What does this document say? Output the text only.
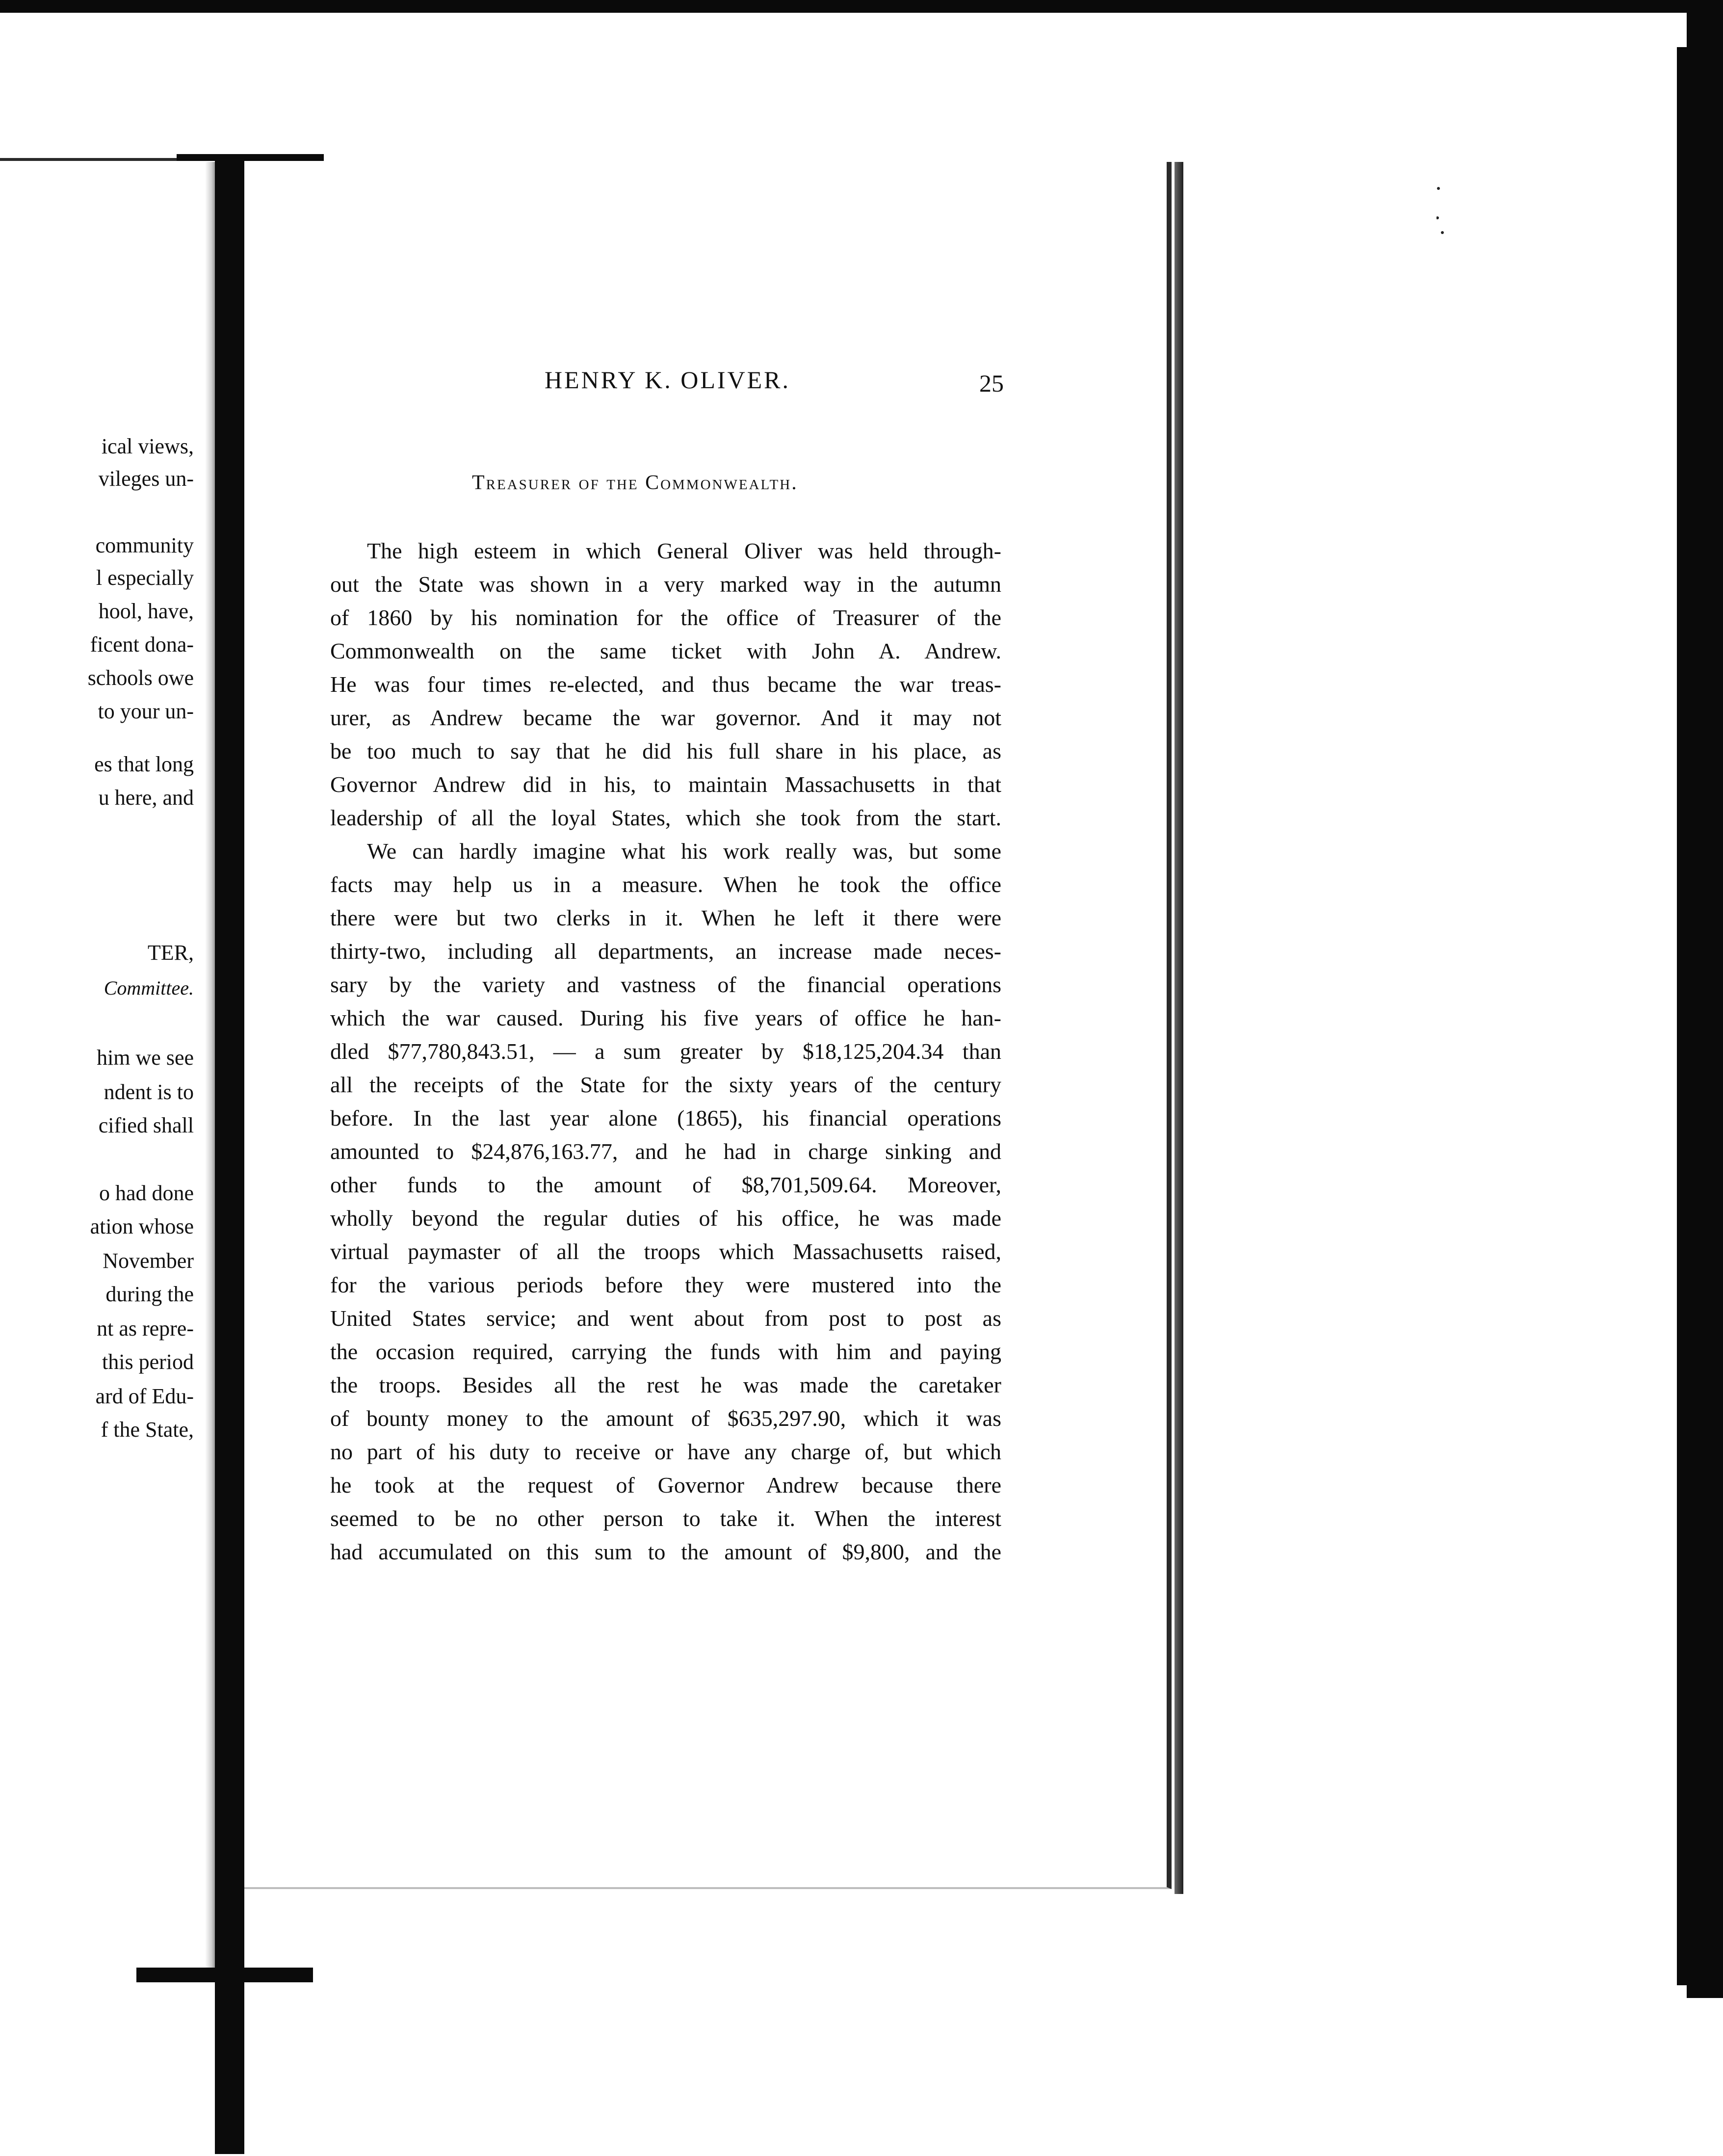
ical views,
vileges un-
community
l especially
hool, have,
ficent dona-
schools owe
to your un-
es that long
u here, and
TER,
Committee.
him we see
ndent is to
cified shall
o had done
ation whose
November
during the
nt as repre-
this period
ard of Edu-
f the State,
HENRY K. OLIVER.	25
Treasurer of the Commonwealth.
The high esteem in which General Oliver was held through-
out the State was shown in a very marked way in the autumn
of 1860 by his nomination for the office of Treasurer of the
Commonwealth on the same ticket with John A. Andrew.
He was four times re-elected, and thus became the war treas-
urer, as Andrew became the war governor. And it may not
be too much to say that he did his full share in his place, as
Governor Andrew did in his, to maintain Massachusetts in that
leadership of all the loyal States, which she took from the start.
We can hardly imagine what his work really was, but some
facts may help us in a measure. When he took the office
there were but two clerks in it. When he left it there were
thirty-two, including all departments, an increase made neces-
sary by the variety and vastness of the financial operations
which the war caused. During his five years of office he han-
dled $77,780,843.51, — a sum greater by $18,125,204.34 than
all the receipts of the State for the sixty years of the century
before. In the last year alone (1865), his financial operations
amounted to $24,876,163.77, and he had in charge sinking and
other funds to the amount of $8,701,509.64. Moreover,
wholly beyond the regular duties of his office, he was made
virtual paymaster of all the troops which Massachusetts raised,
for the various periods before they were mustered into the
United States service; and went about from post to post as
the occasion required, carrying the funds with him and paying
the troops. Besides all the rest he was made the caretaker
of bounty money to the amount of $635,297.90, which it was
no part of his duty to receive or have any charge of, but which
he took at the request of Governor Andrew because there
seemed to be no other person to take it. When the interest
had accumulated on this sum to the amount of $9,800, and the
